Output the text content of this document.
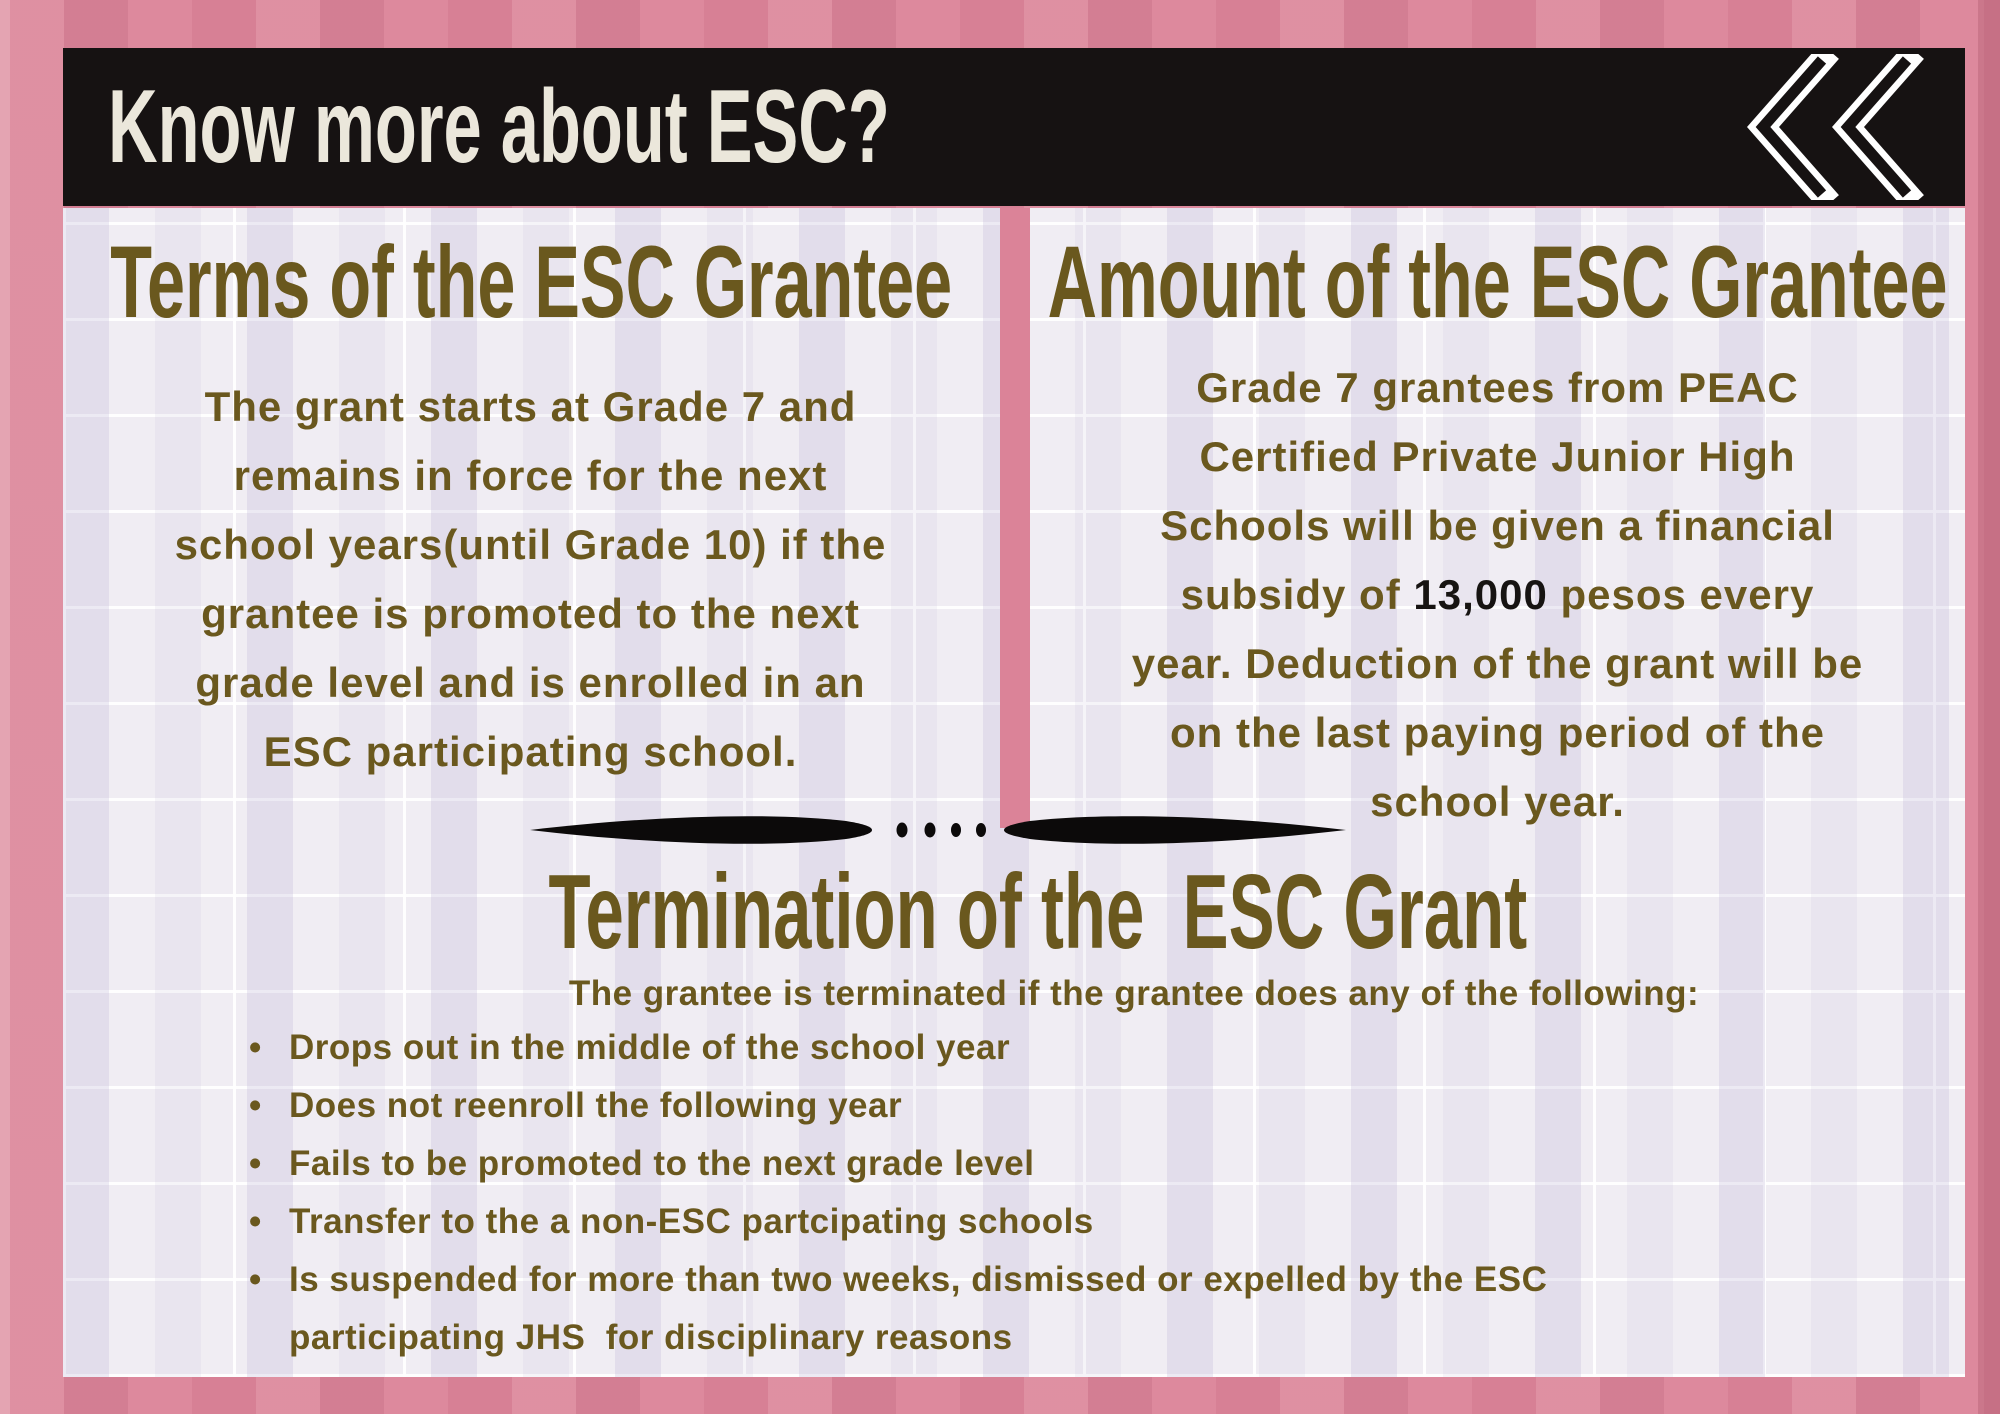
Know more about ESC?
Terms of the ESC Grantee
The grant starts at Grade 7 and
remains in force for the next
school years(until Grade 10) if the
grantee is promoted to the next
grade level and is enrolled in an
ESC participating school.
Amount of the ESC Grantee
Grade 7 grantees from PEAC
Certified Private Junior High
Schools will be given a financial
subsidy of 13,000 pesos every
year. Deduction of the grant will be
on the last paying period of the
school year.
Termination of the  ESC Grant
The grantee is terminated if the grantee does any of the following:
• Drops out in the middle of the school year
• Does not reenroll the following year
• Fails to be promoted to the next grade level
• Transfer to the a non-ESC partcipating schools
• Is suspended for more than two weeks, dismissed or expelled by the ESC participating JHS  for disciplinary reasons
